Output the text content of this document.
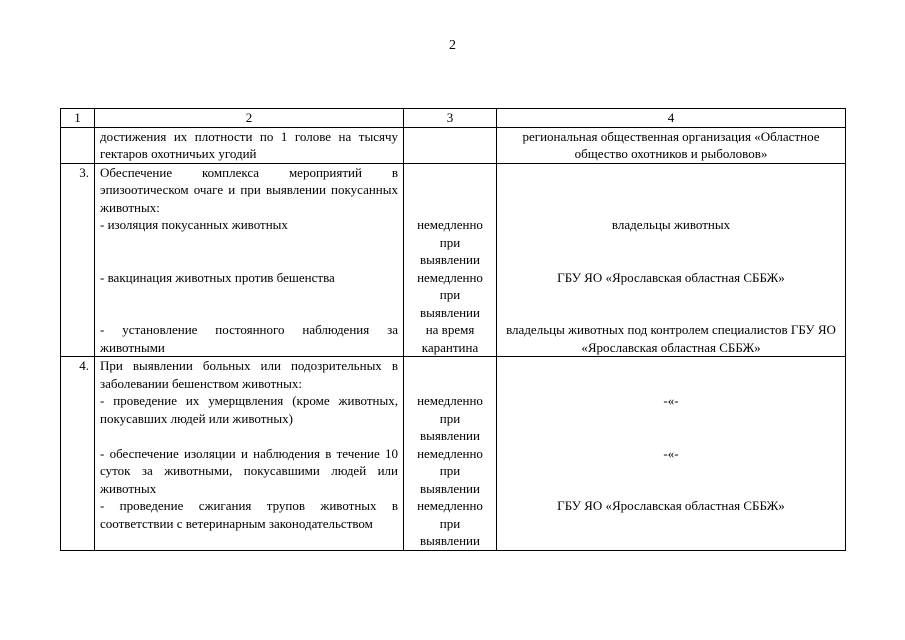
2
1	2	3	4
	достижения их плотности по 1 голове на тысячу гектаров охотничьих угодий		региональная общественная организация «Областное общество охотников и рыболовов»
3.	Обеспечение комплекса мероприятий в эпизоотическом очаге и при выявлении покусанных животных:		
	- изоляция покусанных животных	немедленно при выявлении	владельцы животных
	- вакцинация животных против бешенства	немедленно при выявлении	ГБУ ЯО «Ярославская областная СББЖ»
	- установление постоянного наблюдения за животными	на время карантина	владельцы животных под контролем специалистов ГБУ ЯО «Ярославская областная СББЖ»
4.	При выявлении больных или подозрительных в заболевании бешенством животных:		
	- проведение их умерщвления (кроме животных, покусавших людей или животных)	немедленно при выявлении	-«-
	- обеспечение изоляции и наблюдения в течение 10 суток за животными, покусавшими людей или животных	немедленно при выявлении	-«-
	- проведение сжигания трупов животных в соответствии с ветеринарным законодательством	немедленно при выявлении	ГБУ ЯО «Ярославская областная СББЖ»
